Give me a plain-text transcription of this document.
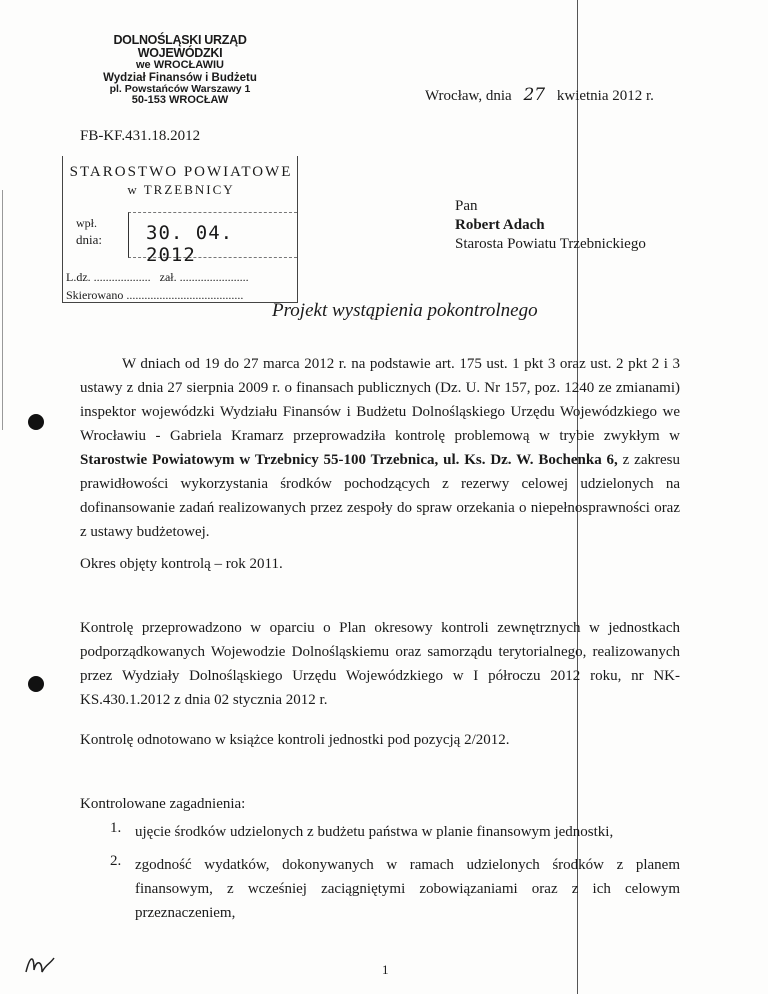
DOLNOŚLĄSKI URZĄD WOJEWÓDZKI
we WROCŁAWIU
Wydział Finansów i Budżetu
pl. Powstańców Warszawy 1
50-153 WROCŁAW	Wrocław, dnia 27 kwietnia 2012 r.
FB-KF.431.18.2012
STAROSTWO POWIATOWE
w TRZEBNICY
wpł.
dnia: 30. 04. 2012
L.dz. ................... zał. .......................
Skierowano .......................................
Pan
Robert Adach
Starosta Powiatu Trzebnickiego
Projekt wystąpienia pokontrolnego

W dniach od 19 do 27 marca 2012 r. na podstawie art. 175 ust. 1 pkt 3 oraz ust. 2 pkt 2 i 3 ustawy z dnia 27 sierpnia 2009 r. o finansach publicznych (Dz. U. Nr 157, poz. 1240 ze zmianami) inspektor wojewódzki Wydziału Finansów i Budżetu Dolnośląskiego Urzędu Wojewódzkiego we Wrocławiu - Gabriela Kramarz przeprowadziła kontrolę problemową w trybie zwykłym w Starostwie Powiatowym w Trzebnicy 55-100 Trzebnica, ul. Ks. Dz. W. Bochenka 6, z zakresu prawidłowości wykorzystania środków pochodzących z rezerwy celowej udzielonych na dofinansowanie zadań realizowanych przez zespoły do spraw orzekania o niepełnosprawności oraz z ustawy budżetowej.

Okres objęty kontrolą – rok 2011.

Kontrolę przeprowadzono w oparciu o Plan okresowy kontroli zewnętrznych w jednostkach podporządkowanych Wojewodzie Dolnośląskiemu oraz samorządu terytorialnego, realizowanych przez Wydziały Dolnośląskiego Urzędu Wojewódzkiego w I półroczu 2012 roku, nr NK-KS.430.1.2012 z dnia 02 stycznia 2012 r.

Kontrolę odnotowano w książce kontroli jednostki pod pozycją 2/2012.

Kontrolowane zagadnienia:

1. ujęcie środków udzielonych z budżetu państwa w planie finansowym jednostki,
2. zgodność wydatków, dokonywanych w ramach udzielonych środków z planem finansowym, z wcześniej zaciągniętymi zobowiązaniami oraz z ich celowym przeznaczeniem,
1
